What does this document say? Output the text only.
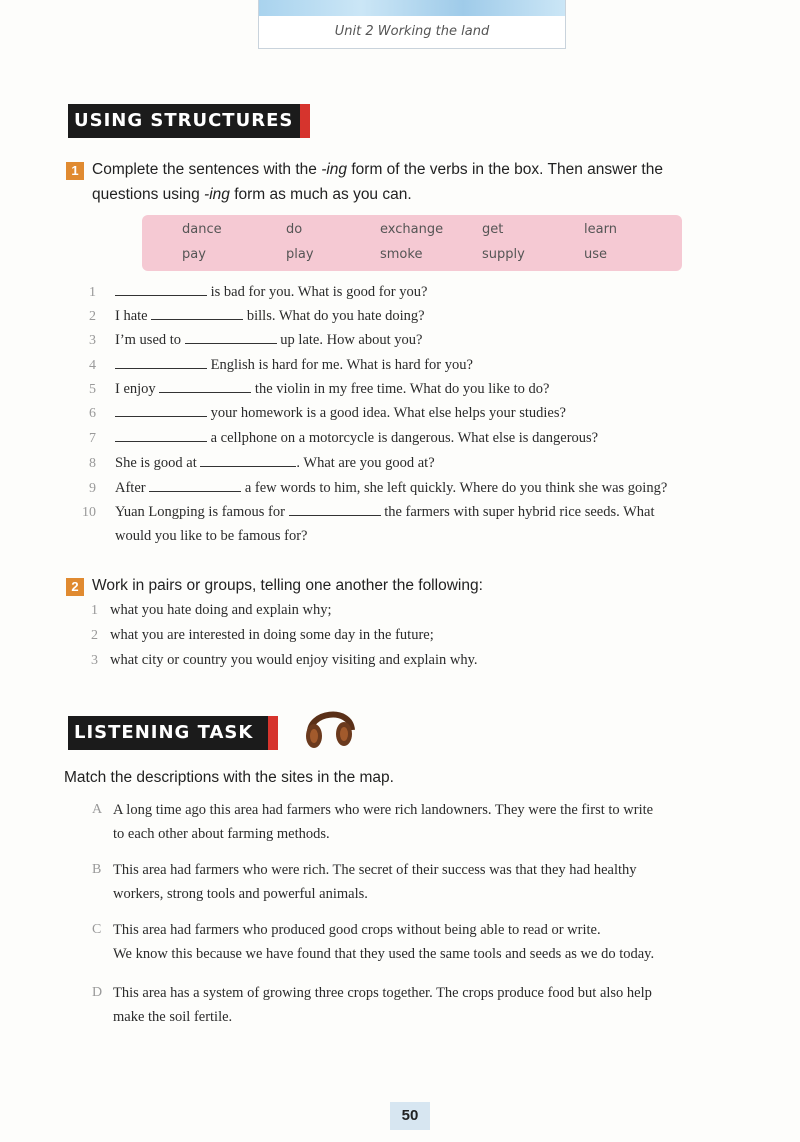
Unit 2 Working the land
USING STRUCTURES
1 Complete the sentences with the -ing form of the verbs in the box. Then answer the
questions using -ing form as much as you can.
dance	do	exchange	get	learn
pay	play	smoke	supply	use
1	is bad for you. What is good for you?
2 I hate	bills. What do you hate doing?
3 I’m used to	up late. How about you?
4	English is hard for me. What is hard for you?
5 I enjoy	the violin in my free time. What do you like to do?
6	your homework is a good idea. What else helps your studies?
7	a cellphone on a motorcycle is dangerous. What else is dangerous?
8 She is good at	. What are you good at?
9 After	a few words to him, she left quickly. Where do you think she was going?
10 Yuan Longping is famous for	the farmers with super hybrid rice seeds. What
would you like to be famous for?
2 Work in pairs or groups, telling one another the following:
1 what you hate doing and explain why;
2 what you are interested in doing some day in the future;
3 what city or country you would enjoy visiting and explain why.
LISTENING TASK
Match the descriptions with the sites in the map.
A A long time ago this area had farmers who were rich landowners. They were the first to write
to each other about farming methods.
B This area had farmers who were rich. The secret of their success was that they had healthy
workers, strong tools and powerful animals.
C This area had farmers who produced good crops without being able to read or write.
We know this because we have found that they used the same tools and seeds as we do today.
D This area has a system of growing three crops together. The crops produce food but also help
make the soil fertile.
50
